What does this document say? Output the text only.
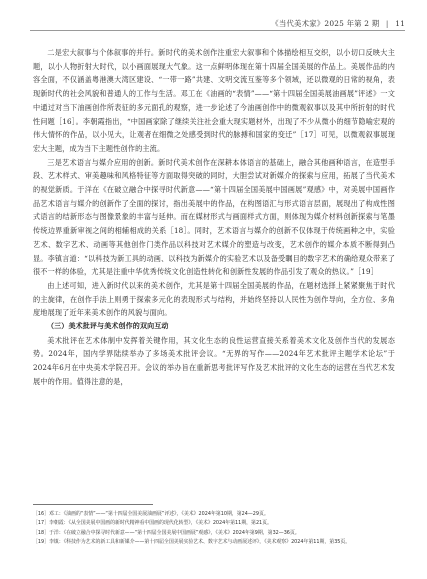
《当代美术家》2025 年第 2 期 | 11

二是宏大叙事与个体叙事的并行。新时代的美术创作注重宏大叙事和个体描绘相互交织，以小切口反映大主题，以小人物折射大时代，以小画面展现大气象。这一点鲜明体现在第十四届全国美展的作品上。美展作品的内容全面，不仅涵盖粤港澳大湾区建设、“一带一路”共建、文明交流互鉴等多个领域，还以微观的日常的视角，表现新时代的社会风貌和普通人的工作与生活。邓工在《油画的“表情”——“第十四届全国美展油画展”评述》一文中通过对当下油画创作所表征的多元面孔的观察，进一步论述了今油画创作中的微观叙事以及其中所折射的时代性问题［16］。李朝霞指出，“中国画家除了继续关注社会重大现实题材外，出现了不少从微小的细节隐喻宏观的伟大情怀的作品，以小见大，让观者在细微之处感受到时代的脉搏和国家的变迁”［17］可见，以微观叙事展现宏大主题，成为当下主题性创作的主流。

三是艺术语言与媒介应用的创新。新时代美术创作在深耕本体语言的基础上，融合其他画种语言，在造型手段、艺术样式、审美趣味和风格特征等方面取得突破的同时，大胆尝试对新媒介的探索与应用，拓展了当代美术的视觉新质。于洋在《在破立融合中探寻时代新意——“第十四届全国美展中国画展”观感》中，对美展中国画作品艺术语言与媒介的创新作了全面的探讨，指出美展中的作品，在构图语汇与形式语言层面，展现出了构成性图式语言的结新形态与图像景象的丰富与延伸。而在媒材形式与画面样式方面，则体现为媒介材料创新探索与笔墨传统边界重新审视之间的相辅相成的关系［18］。同时，艺术语言与媒介的创新不仅体现于传统画种之中，实验艺术、数字艺术、动画等其他创作门类作品以科技对艺术媒介的塑造与改变，艺术创作的媒介本质不断得到凸显。李镇言道：“以科技为新工具的动画、以科技为新媒介的实验艺术以及备受瞩目的数字艺术的确给观众带来了很不一样的体验，尤其是注重中华优秀传统文化创造性转化和创新性发展的作品引发了观众的热议。”［19］

由上述可知，进入新时代以来的美术创作，尤其是第十四届全国美展的作品，在题材选择上紧紧聚焦于时代的主旋律，在创作手法上则勇于探索多元化的表现形式与结构，并始终坚持以人民性为创作导向，全方位、多角度地展现了近年来美术创作的风貌与面向。

（三）美术批评与美术创作的双向互动

美术批评在艺术体制中发挥着关键作用，其文化生态的良性运营直接关系着美术文化及创作当代的发展态势。2024年，国内学界陆续举办了多场美术批评会议。“无界的写作——2024年艺术批评主题学术论坛”于2024年6月在中央美术学院召开。会议的举办旨在重新思考批评写作及艺术批评的文化生态的运营在当代艺术发展中的作用。值得注意的是，

［16］邓工：《油画的“表情”——“第十四届全国美展油画展”评述》，《美术》2024年第10期，第24—29页。
［17］李朝霞：《从全国美展中国画的新时代精神看中国画的现代化转型》，《美术》2024年第11期，第21页。
［18］于洋：《在破立融合中探寻时代新意——“第十四届全国美展中国画展”观感》，《美术》2024年第9期，第32—36页。
［19］李镇：《科技作为艺术的新工具和新媒介——第十四届全国美展实验艺术、数字艺术与动画展述评》，《美术观察》2024年第11期，第35页。
